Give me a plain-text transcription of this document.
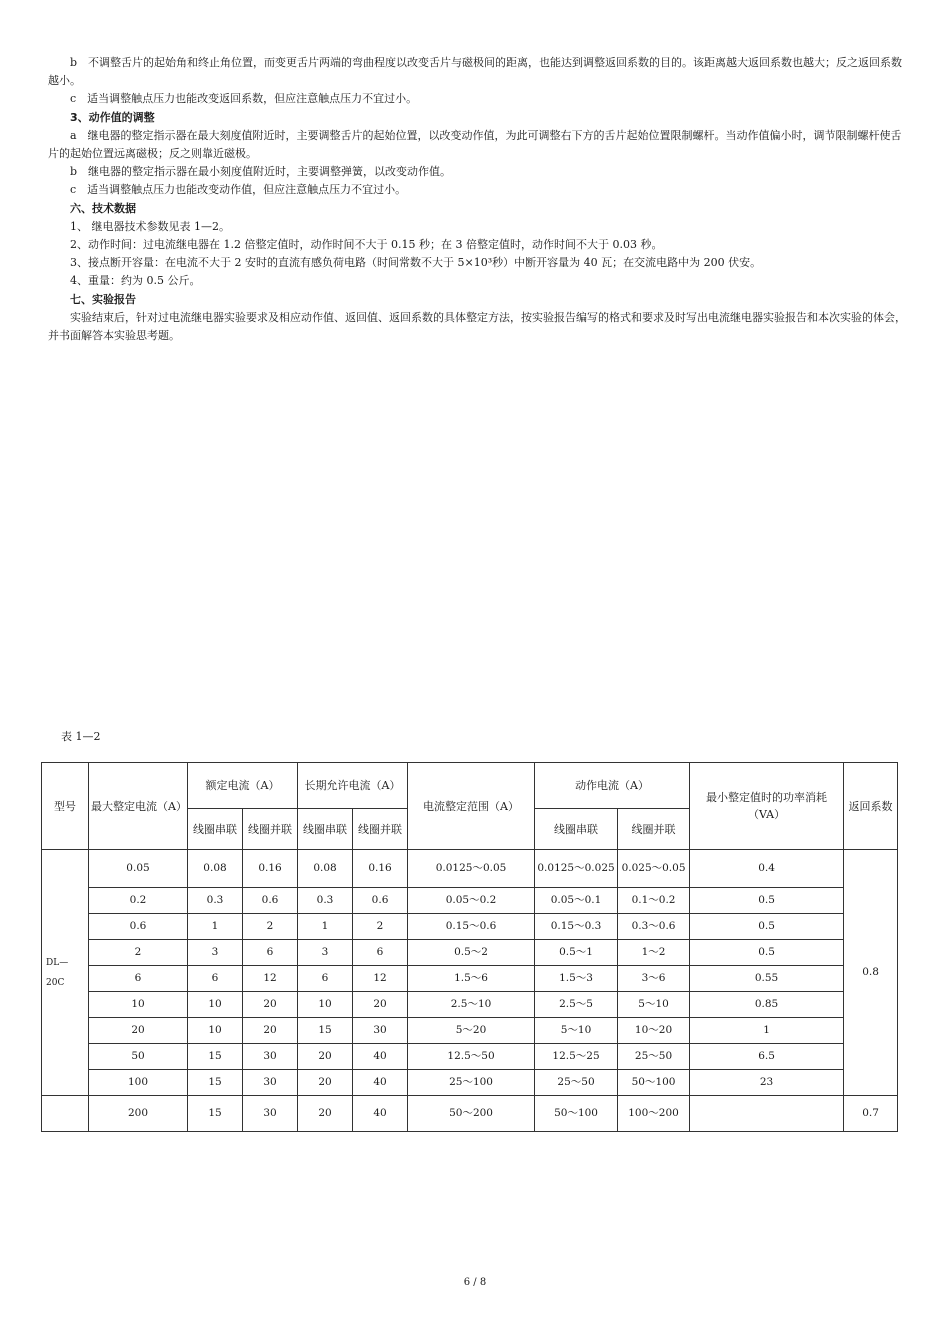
b　不调整舌片的起始角和终止角位置，而变更舌片两端的弯曲程度以改变舌片与磁极间的距离，也能达到调整返回系数的目的。该距离越大返回系数也越大；反之返回系数越小。

c　适当调整触点压力也能改变返回系数，但应注意触点压力不宜过小。

3、动作值的调整

a　继电器的整定指示器在最大刻度值附近时，主要调整舌片的起始位置，以改变动作值，为此可调整右下方的舌片起始位置限制螺杆。当动作值偏小时，调节限制螺杆使舌片的起始位置远离磁极；反之则靠近磁极。

b　继电器的整定指示器在最小刻度值附近时，主要调整弹簧，以改变动作值。

c　适当调整触点压力也能改变动作值，但应注意触点压力不宜过小。

六、技术数据

1、 继电器技术参数见表 1—2。

2、动作时间：过电流继电器在 1.2 倍整定值时，动作时间不大于 0.15 秒；在 3 倍整定值时，动作时间不大于 0.03 秒。

3、接点断开容量：在电流不大于 2 安时的直流有感负荷电路（时间常数不大于 5×10³秒）中断开容量为 40 瓦；在交流电路中为 200 伏安。

4、重量：约为 0.5 公斤。

七、实验报告

实验结束后，针对过电流继电器实验要求及相应动作值、返回值、返回系数的具体整定方法，按实验报告编写的格式和要求及时写出电流继电器实验报告和本次实验的体会，并书面解答本实验思考题。

表 1—2
型号	最大整定电流（A）	额定电流（A）		长期允许电流（A）		电流整定范围（A）	动作电流（A）		最小整定值时的功率消耗（VA）	返回系数
		线圈串联	线圈并联	线圈串联	线圈并联		线圈串联	线圈并联		
DL—20C	0.05	0.08	0.16	0.08	0.16	0.0125～0.05	0.0125～0.025	0.025～0.05	0.4	0.8
	0.2	0.3	0.6	0.3	0.6	0.05～0.2	0.05～0.1	0.1～0.2	0.5	
	0.6	1	2	1	2	0.15～0.6	0.15～0.3	0.3～0.6	0.5	
	2	3	6	3	6	0.5～2	0.5～1	1～2	0.5	
	6	6	12	6	12	1.5～6	1.5～3	3～6	0.55	
	10	10	20	10	20	2.5～10	2.5～5	5～10	0.85	
	20	10	20	15	30	5～20	5～10	10～20	1	
	50	15	30	20	40	12.5～50	12.5～25	25～50	6.5	
	100	15	30	20	40	25～100	25～50	50～100	23	
	200	15	30	20	40	50～200	50～100	100～200		0.7
6 / 8
